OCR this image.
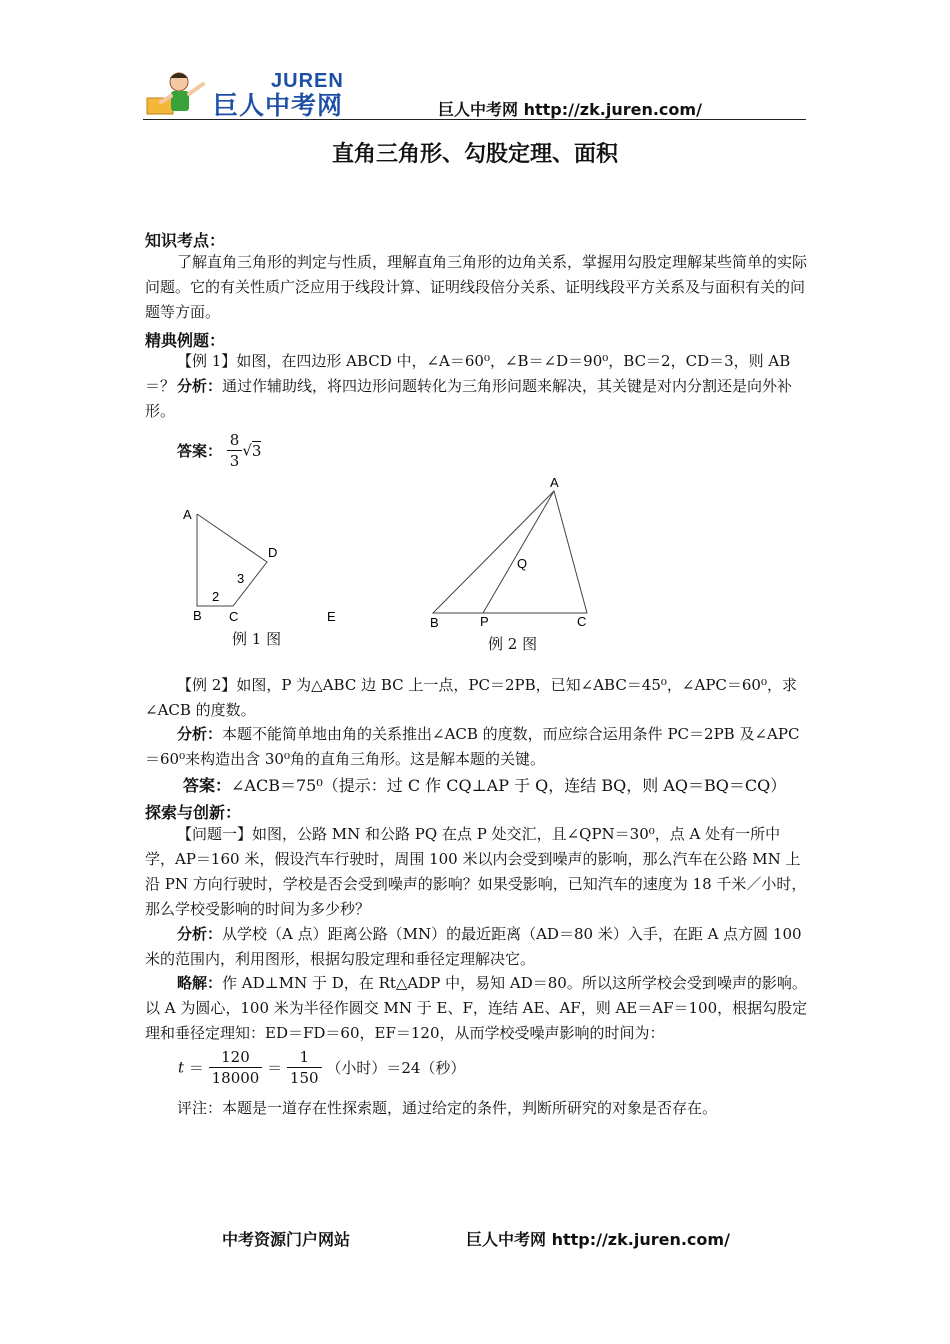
JUREN
巨人中考网	巨人中考网 http://zk.juren.com/
直角三角形、勾股定理、面积
知识考点：
了解直角三角形的判定与性质，理解直角三角形的边角关系，掌握用勾股定理解某些简单的实际问题。它的有关性质广泛应用于线段计算、证明线段倍分关系、证明线段平方关系及与面积有关的问题等方面。
精典例题：
【例 1】如图，在四边形 ABCD 中，∠A＝60⁰，∠B＝∠D＝90⁰，BC＝2，CD＝3，则 AB＝？ 分析：通过作辅助线，将四边形问题转化为三角形问题来解决，其关键是对内分割还是向外补形。
答案： $\frac{8}{3} √3$
A
B C
D
2
3
E
A
B	P	C
Q
例 1 图	例 2 图
【例 2】如图，P 为△ABC 边 BC 上一点，PC＝2PB，已知∠ABC＝45⁰，∠APC＝60⁰，求∠ACB 的度数。
分析：本题不能简单地由角的关系推出∠ACB 的度数，而应综合运用条件 PC＝2PB 及∠APC＝60⁰来构造出含 30⁰角的直角三角形。这是解本题的关键。
答案：∠ACB＝75⁰（提示：过 C 作 CQ⊥AP 于 Q，连结 BQ，则 AQ＝BQ＝CQ）
探索与创新：
【问题一】如图，公路 MN 和公路 PQ 在点 P 处交汇，且∠QPN＝30⁰，点 A 处有一所中学，AP＝160 米，假设汽车行驶时，周围 100 米以内会受到噪声的影响，那么汽车在公路 MN 上沿 PN 方向行驶时，学校是否会受到噪声的影响？如果受影响，已知汽车的速度为 18 千米／小时，那么学校受影响的时间为多少秒？
分析：从学校（A 点）距离公路（MN）的最近距离（AD＝80 米）入手，在距 A 点方圆 100 米的范围内，利用图形，根据勾股定理和垂径定理解决它。
略解：作 AD⊥MN 于 D，在 Rt△ADP 中，易知 AD＝80。所以这所学校会受到噪声的影响。以 A 为圆心，100 米为半径作圆交 MN 于 E、F，连结 AE、AF，则 AE＝AF＝100，根据勾股定理和垂径定理知：ED＝FD＝60，EF＝120，从而学校受噪声影响的时间为：
$t = \frac{120}{18000} = \frac{1}{150}$ （小时）＝24（秒）
评注：本题是一道存在性探索题，通过给定的条件，判断所研究的对象是否存在。
中考资源门户网站	巨人中考网 http://zk.juren.com/
